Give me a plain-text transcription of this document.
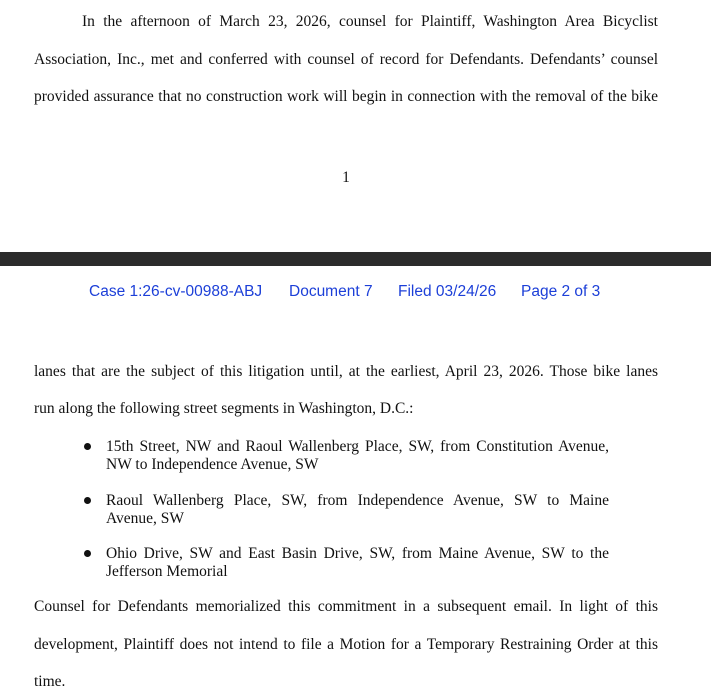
In the afternoon of March 23, 2026, counsel for Plaintiff, Washington Area Bicyclist
Association, Inc., met and conferred with counsel of record for Defendants. Defendants’ counsel
provided assurance that no construction work will begin in connection with the removal of the bike
1
Case 1:26-cv-00988-ABJ Document 7 Filed 03/24/26 Page 2 of 3
lanes that are the subject of this litigation until, at the earliest, April 23, 2026. Those bike lanes
run along the following street segments in Washington, D.C.:
15th Street, NW and Raoul Wallenberg Place, SW, from Constitution Avenue,
NW to Independence Avenue, SW
Raoul Wallenberg Place, SW, from Independence Avenue, SW to Maine
Avenue, SW
Ohio Drive, SW and East Basin Drive, SW, from Maine Avenue, SW to the
Jefferson Memorial
Counsel for Defendants memorialized this commitment in a subsequent email. In light of this
development, Plaintiff does not intend to file a Motion for a Temporary Restraining Order at this
time.
